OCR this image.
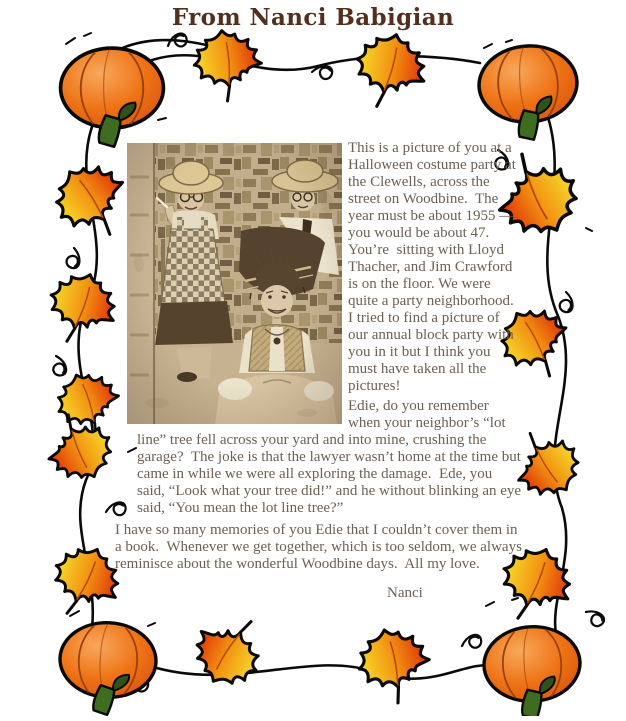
From Nanci Babigian

This is a picture of you at a Halloween costume party at the Clewells, across the street on Woodbine.  The year must be about 1955 — you would be about 47. You’re  sitting with Lloyd Thacher, and Jim Crawford is on the floor. We were quite a party neighborhood.  I tried to find a picture of our annual block party with you in it but I think you must have taken all the pictures!

Edie, do you remember when your neighbor’s “lot line” tree fell across your yard and into mine, crushing the garage?  The joke is that the lawyer wasn’t home at the time but came in while we were all exploring the damage.  Ede, you said, “Look what your tree did!” and he without blinking an eye said, “You mean the lot line tree?”

I have so many memories of you Edie that I couldn’t cover them in a book.  Whenever we get together, which is too seldom, we always reminisce about the wonderful Woodbine days.  All my love.

Nanci
